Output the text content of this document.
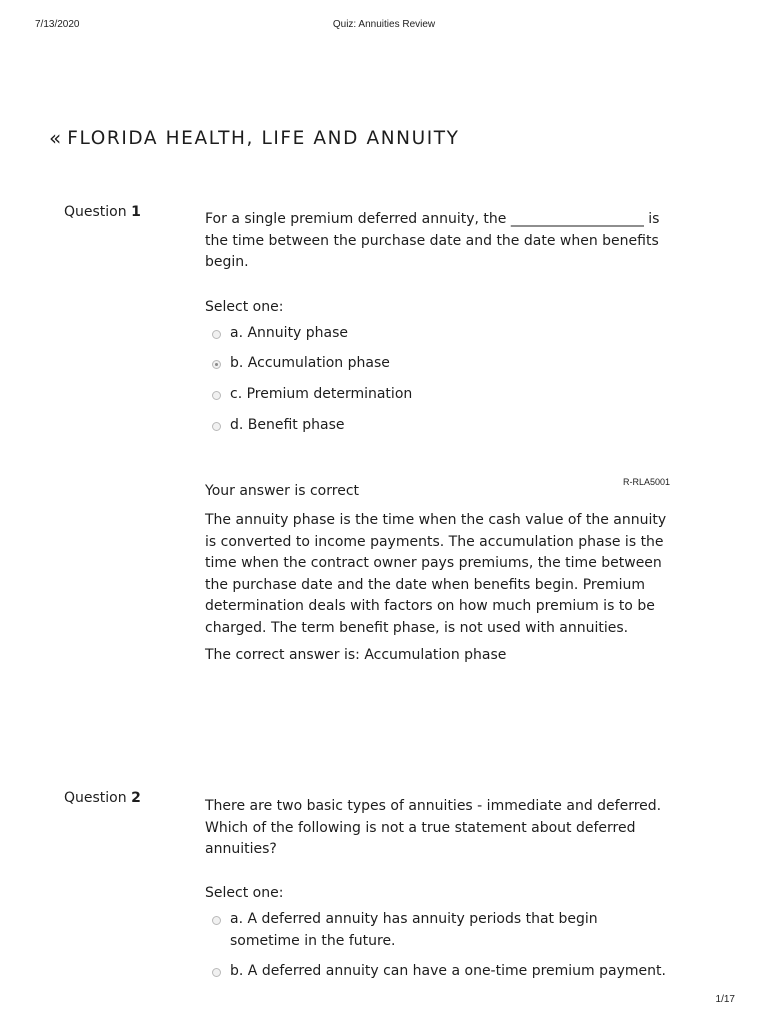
7/13/2020	Quiz: Annuities Review
« FLORIDA HEALTH, LIFE AND ANNUITY
Question 1	For a single premium deferred annuity, the ___________________ is the time between the purchase date and the date when benefits begin.
Select one:
a. Annuity phase
b. Accumulation phase
c. Premium determination
d. Benefit phase
R-RLA5001
Your answer is correct
The annuity phase is the time when the cash value of the annuity is converted to income payments. The accumulation phase is the time when the contract owner pays premiums, the time between the purchase date and the date when benefits begin. Premium determination deals with factors on how much premium is to be charged. The term benefit phase, is not used with annuities.
The correct answer is: Accumulation phase
Question 2	There are two basic types of annuities - immediate and deferred. Which of the following is not a true statement about deferred annuities?
Select one:
a. A deferred annuity has annuity periods that begin sometime in the future.
b. A deferred annuity can have a one-time premium payment.
1/17
